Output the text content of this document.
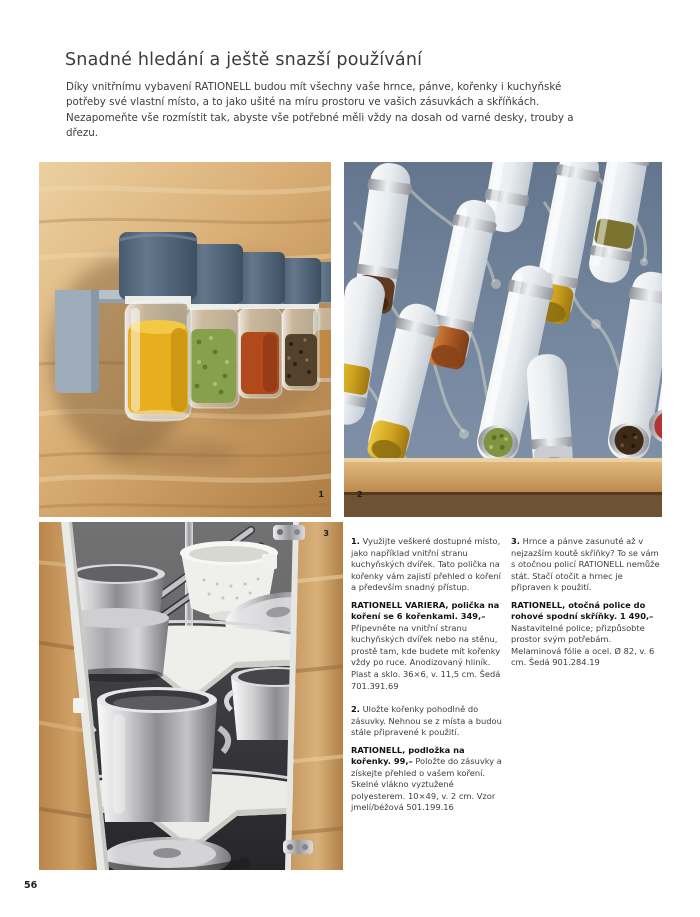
Snadné hledání a ještě snazší používání

Díky vnitřnímu vybavení RATIONELL budou mít všechny vaše hrnce, pánve, kořenky i kuchyňské potřeby své vlastní místo, a to jako ušité na míru prostoru ve vašich zásuvkách a skříňkách. Nezapomeňte vše rozmístit tak, abyste vše potřebné měli vždy na dosah od varné desky, trouby a dřezu.

1	2
3

1. Využijte veškeré dostupné místo, jako například vnitřní stranu kuchyňských dvířek. Tato polička na kořenky vám zajistí přehled o koření a především snadný přístup.

RATIONELL VARIERA, polička na koření se 6 kořenkami. 349,–
Připevněte na vnitřní stranu kuchyňských dvířek nebo na stěnu, prostě tam, kde budete mít kořenky vždy po ruce. Anodizovaný hliník. Plast a sklo. 36×6, v. 11,5 cm. Šedá 701.391.69

2. Uložte kořenky pohodlně do zásuvky. Nehnou se z místa a budou stále připravené k použití.

RATIONELL, podložka na kořenky. 99,– Položte do zásuvky a získejte přehled o vašem koření. Skelné vlákno vyztužené polyesterem. 10×49, v. 2 cm. Vzor jmelí/béžová 501.199.16

3. Hrnce a pánve zasunuté až v nejzazším koutě skříňky? To se vám s otočnou policí RATIONELL nemůže stát. Stačí otočit a hrnec je připraven k použití.

RATIONELL, otočná police do rohové spodní skříňky. 1 490,–
Nastavitelné police; přizpůsobte prostor svým potřebám. Melaminová fólie a ocel. Ø 82, v. 6 cm. Šedá 901.284.19

56
